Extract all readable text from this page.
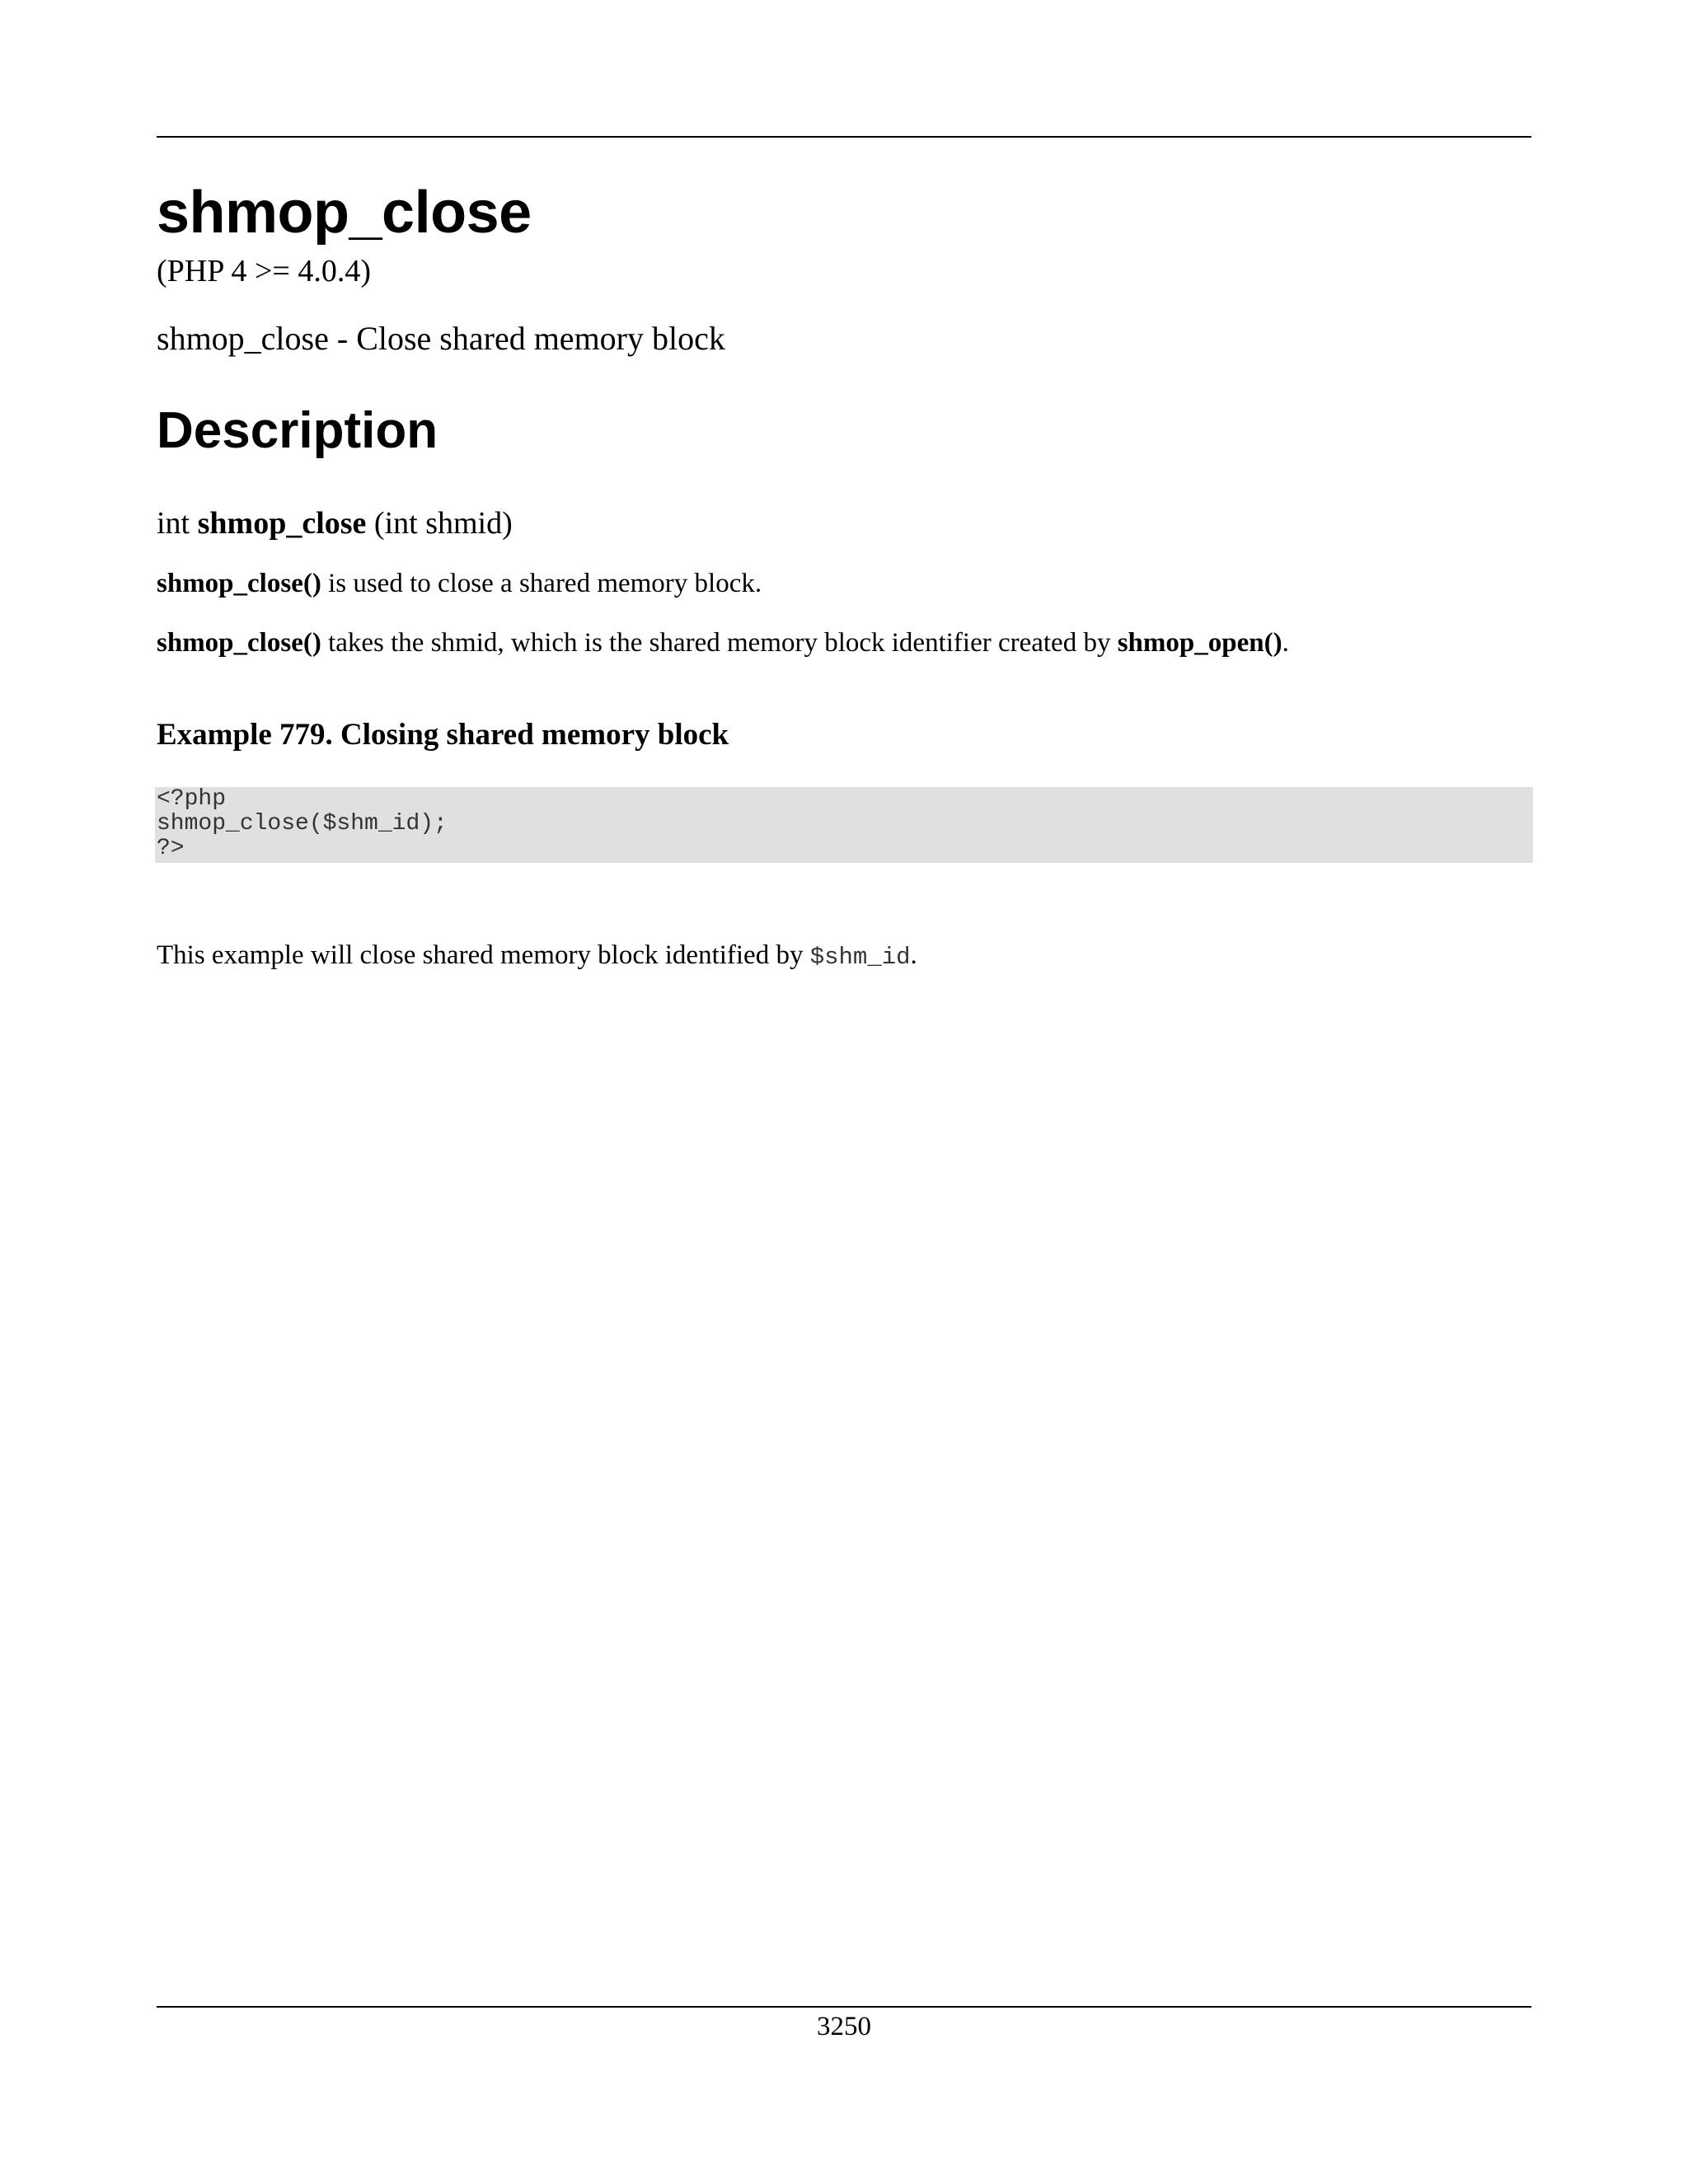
shmop_close
(PHP 4 >= 4.0.4)
shmop_close - Close shared memory block
Description
int shmop_close (int shmid)
shmop_close() is used to close a shared memory block.
shmop_close() takes the shmid, which is the shared memory block identifier created by shmop_open().
Example 779. Closing shared memory block
<?php
shmop_close($shm_id);
?>
This example will close shared memory block identified by $shm_id.
3250
